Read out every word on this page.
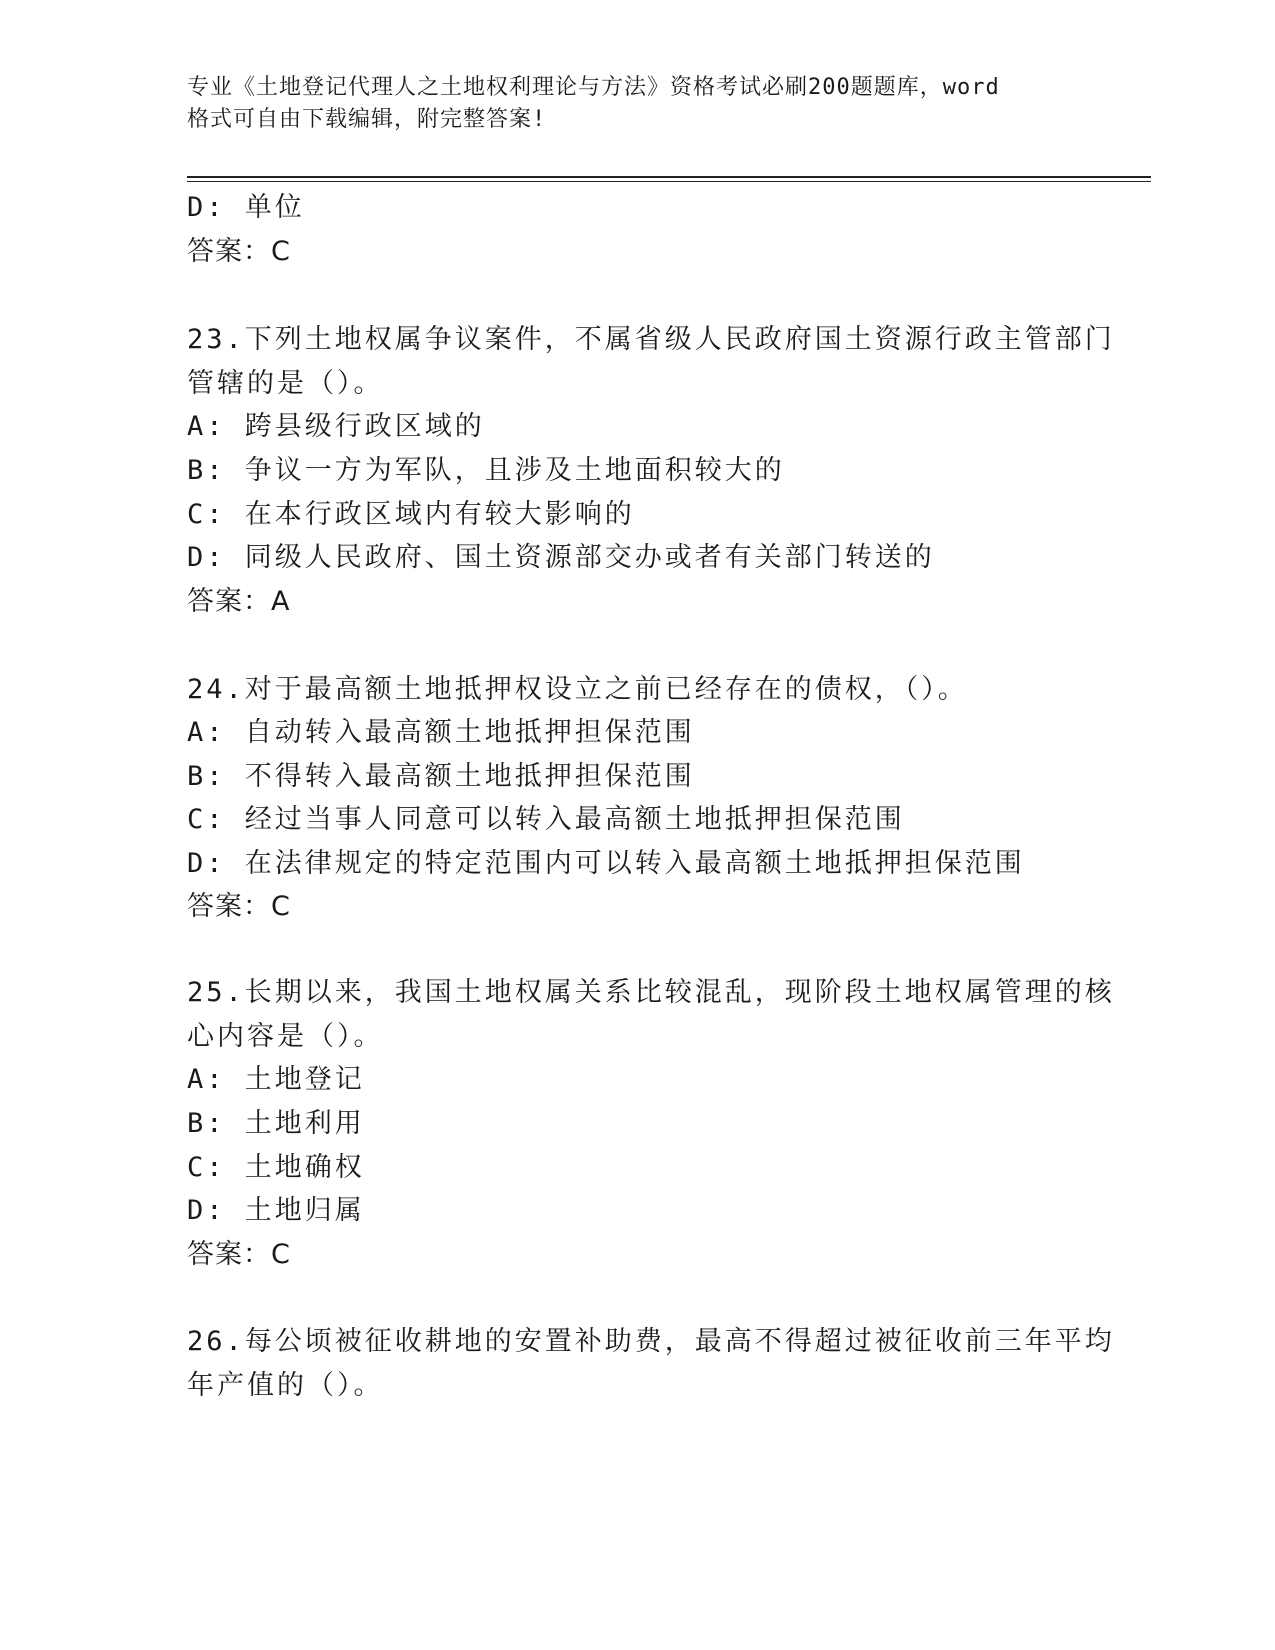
专业《土地登记代理人之土地权利理论与方法》资格考试必刷200题题库，word
格式可自由下载编辑，附完整答案!
D: 单位
答案：C
23.下列土地权属争议案件，不属省级人民政府国土资源行政主管部门
管辖的是（）。
A: 跨县级行政区域的
B: 争议一方为军队，且涉及土地面积较大的
C: 在本行政区域内有较大影响的
D: 同级人民政府、国土资源部交办或者有关部门转送的
答案：A
24.对于最高额土地抵押权设立之前已经存在的债权，（）。
A: 自动转入最高额土地抵押担保范围
B: 不得转入最高额土地抵押担保范围
C: 经过当事人同意可以转入最高额土地抵押担保范围
D: 在法律规定的特定范围内可以转入最高额土地抵押担保范围
答案：C
25.长期以来，我国土地权属关系比较混乱，现阶段土地权属管理的核
心内容是（）。
A: 土地登记
B: 土地利用
C: 土地确权
D: 土地归属
答案：C
26.每公顷被征收耕地的安置补助费，最高不得超过被征收前三年平均
年产值的（）。
